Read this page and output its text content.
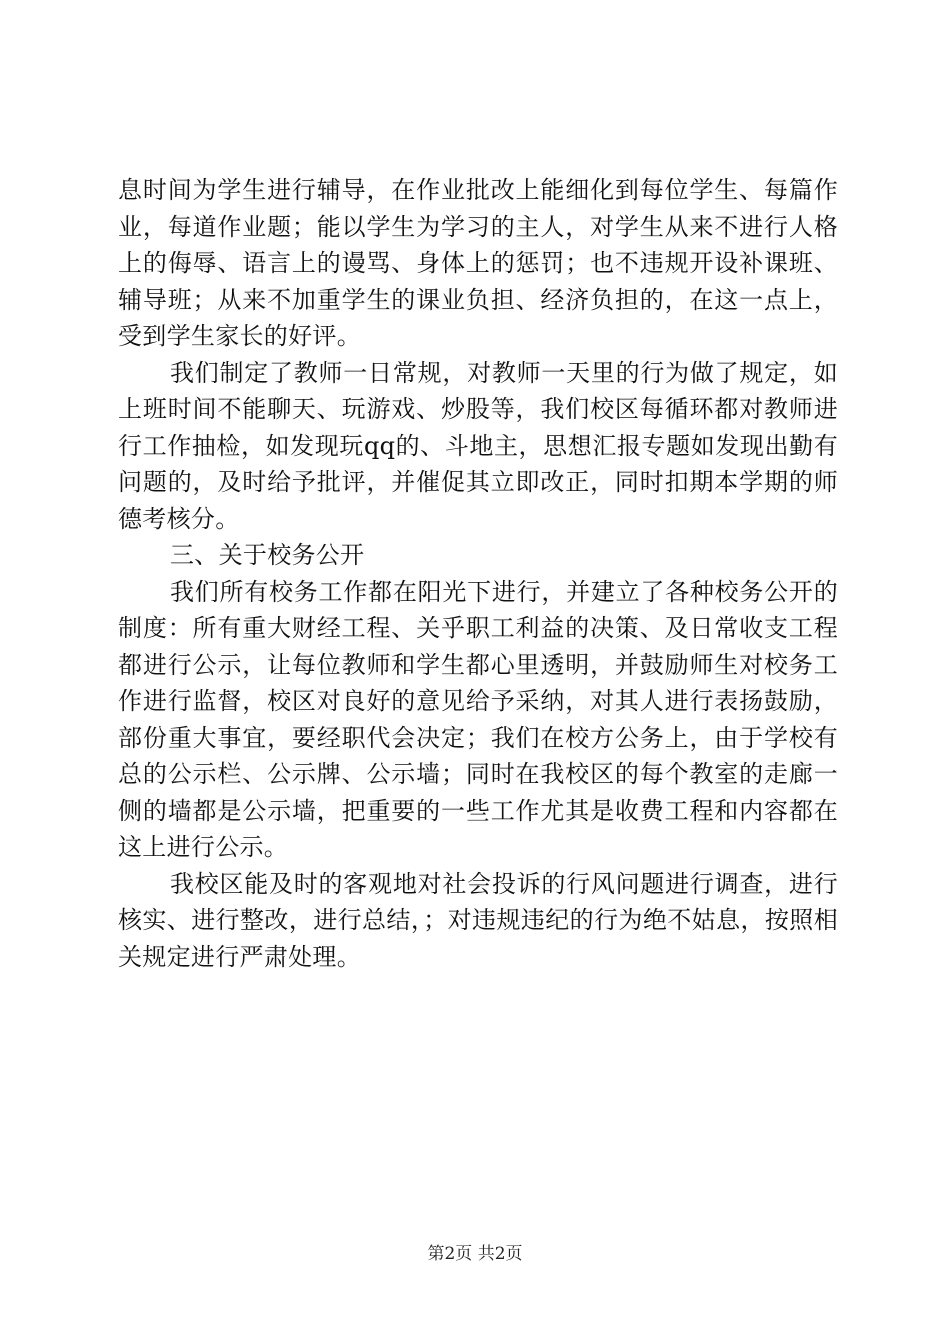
息时间为学生进行辅导，在作业批改上能细化到每位学生、每篇作业，每道作业题；能以学生为学习的主人，对学生从来不进行人格上的侮辱、语言上的谩骂、身体上的惩罚；也不违规开设补课班、辅导班；从来不加重学生的课业负担、经济负担的，在这一点上，受到学生家长的好评。

我们制定了教师一日常规，对教师一天里的行为做了规定，如上班时间不能聊天、玩游戏、炒股等，我们校区每循环都对教师进行工作抽检，如发现玩qq的、斗地主，思想汇报专题如发现出勤有问题的，及时给予批评，并催促其立即改正，同时扣期本学期的师德考核分。

三、关于校务公开

我们所有校务工作都在阳光下进行，并建立了各种校务公开的制度：所有重大财经工程、关乎职工利益的决策、及日常收支工程都进行公示，让每位教师和学生都心里透明，并鼓励师生对校务工作进行监督，校区对良好的意见给予采纳，对其人进行表扬鼓励，部份重大事宜，要经职代会决定；我们在校方公务上，由于学校有总的公示栏、公示牌、公示墙；同时在我校区的每个教室的走廊一侧的墙都是公示墙，把重要的一些工作尤其是收费工程和内容都在这上进行公示。

我校区能及时的客观地对社会投诉的行风问题进行调查，进行核实、进行整改，进行总结，；对违规违纪的行为绝不姑息，按照相关规定进行严肃处理。

第2页 共2页
